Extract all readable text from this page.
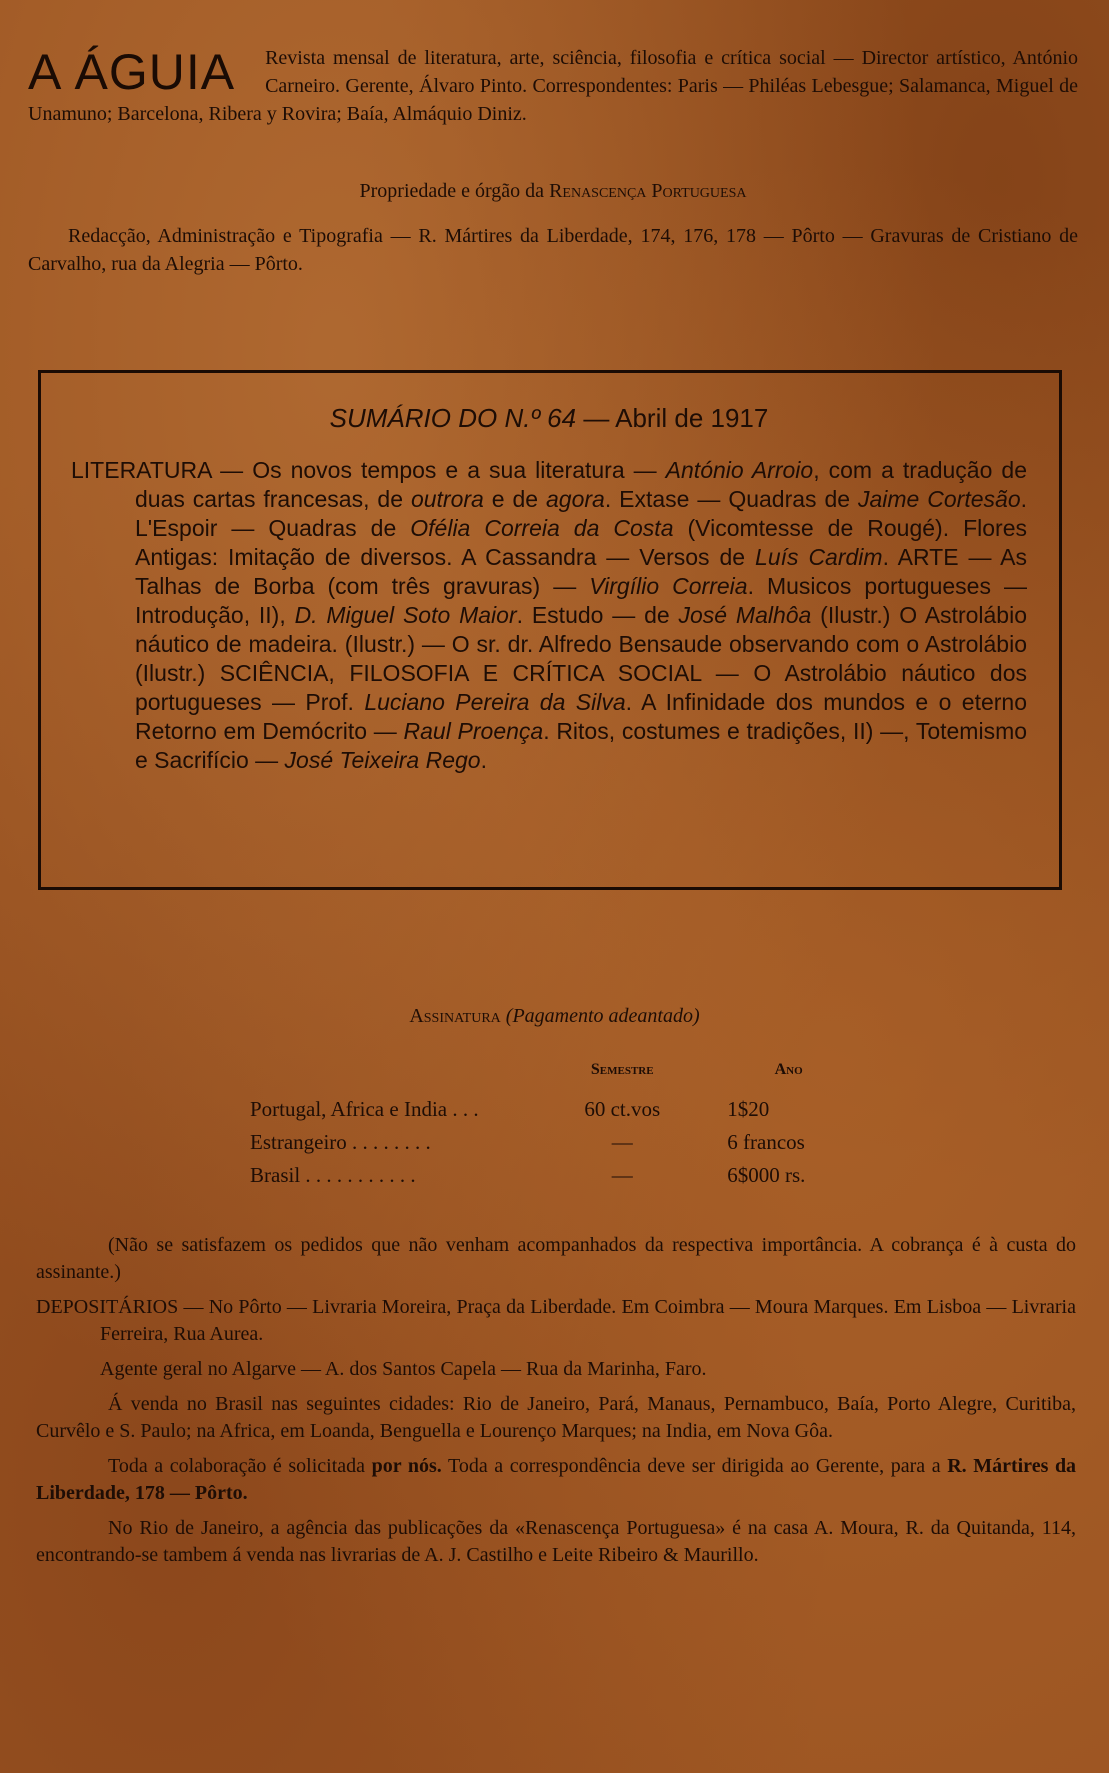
A ÁGUIA	Revista mensal de literatura, arte, sciência, filosofia e crítica social — Director artístico, António Carneiro. Gerente, Álvaro Pinto. Correspondentes: Paris — Philéas Lebesgue; Salamanca, Miguel de Unamuno; Barcelona, Ribera y Rovira; Baía, Almáquio Diniz.
Propriedade e órgão da Renascença Portuguesa
Redacção, Administração e Tipografia — R. Mártires da Liberdade, 174, 176, 178 — Pôrto — Gravuras de Cristiano de Carvalho, rua da Alegria — Pôrto.
SUMÁRIO DO N.º 64 — Abril de 1917
LITERATURA — Os novos tempos e a sua literatura — António Arroio, com a tradução de duas cartas francesas, de outrora e de agora. Extase — Quadras de Jaime Cortesão. L'Espoir — Quadras de Ofélia Correia da Costa (Vicomtesse de Rougé). Flores Antigas: Imitação de diversos. A Cassandra — Versos de Luís Cardim. ARTE — As Talhas de Borba (com três gravuras) — Virgílio Correia. Musicos portugueses — Introdução, II), D. Miguel Soto Maior. Estudo — de José Malhôa (Ilustr.) O Astrolábio náutico de madeira. (Ilustr.) — O sr. dr. Alfredo Bensaude observando com o Astrolábio (Ilustr.) SCIÊNCIA, FILOSOFIA E CRÍTICA SOCIAL — O Astrolábio náutico dos portugueses — Prof. Luciano Pereira da Silva. A Infinidade dos mundos e o eterno Retorno em Demócrito — Raul Proença. Ritos, costumes e tradições, II) —, Totemismo e Sacrifício — José Teixeira Rego.
Assinatura (Pagamento adeantado)
	Semestre	Ano
Portugal, Africa e India . . .	60 ct.vos	1$20
Estrangeiro . . . . . . . .	—	6 francos
Brasil . . . . . . . . . . .	—	6$000 rs.

(Não se satisfazem os pedidos que não venham acompanhados da respectiva importância. A cobrança é à custa do assinante.)

DEPOSITÁRIOS — No Pôrto — Livraria Moreira, Praça da Liberdade. Em Coimbra — Moura Marques. Em Lisboa — Livraria Ferreira, Rua Aurea.

Agente geral no Algarve — A. dos Santos Capela — Rua da Marinha, Faro.

Á venda no Brasil nas seguintes cidades: Rio de Janeiro, Pará, Manaus, Pernambuco, Baía, Porto Alegre, Curitiba, Curvêlo e S. Paulo; na Africa, em Loanda, Benguella e Lourenço Marques; na India, em Nova Gôa.

Toda a colaboração é solicitada por nós. Toda a correspondência deve ser dirigida ao Gerente, para a R. Mártires da Liberdade, 178 — Pôrto.

No Rio de Janeiro, a agência das publicações da «Renascença Portuguesa» é na casa A. Moura, R. da Quitanda, 114, encontrando-se tambem á venda nas livrarias de A. J. Castilho e Leite Ribeiro & Maurillo.
